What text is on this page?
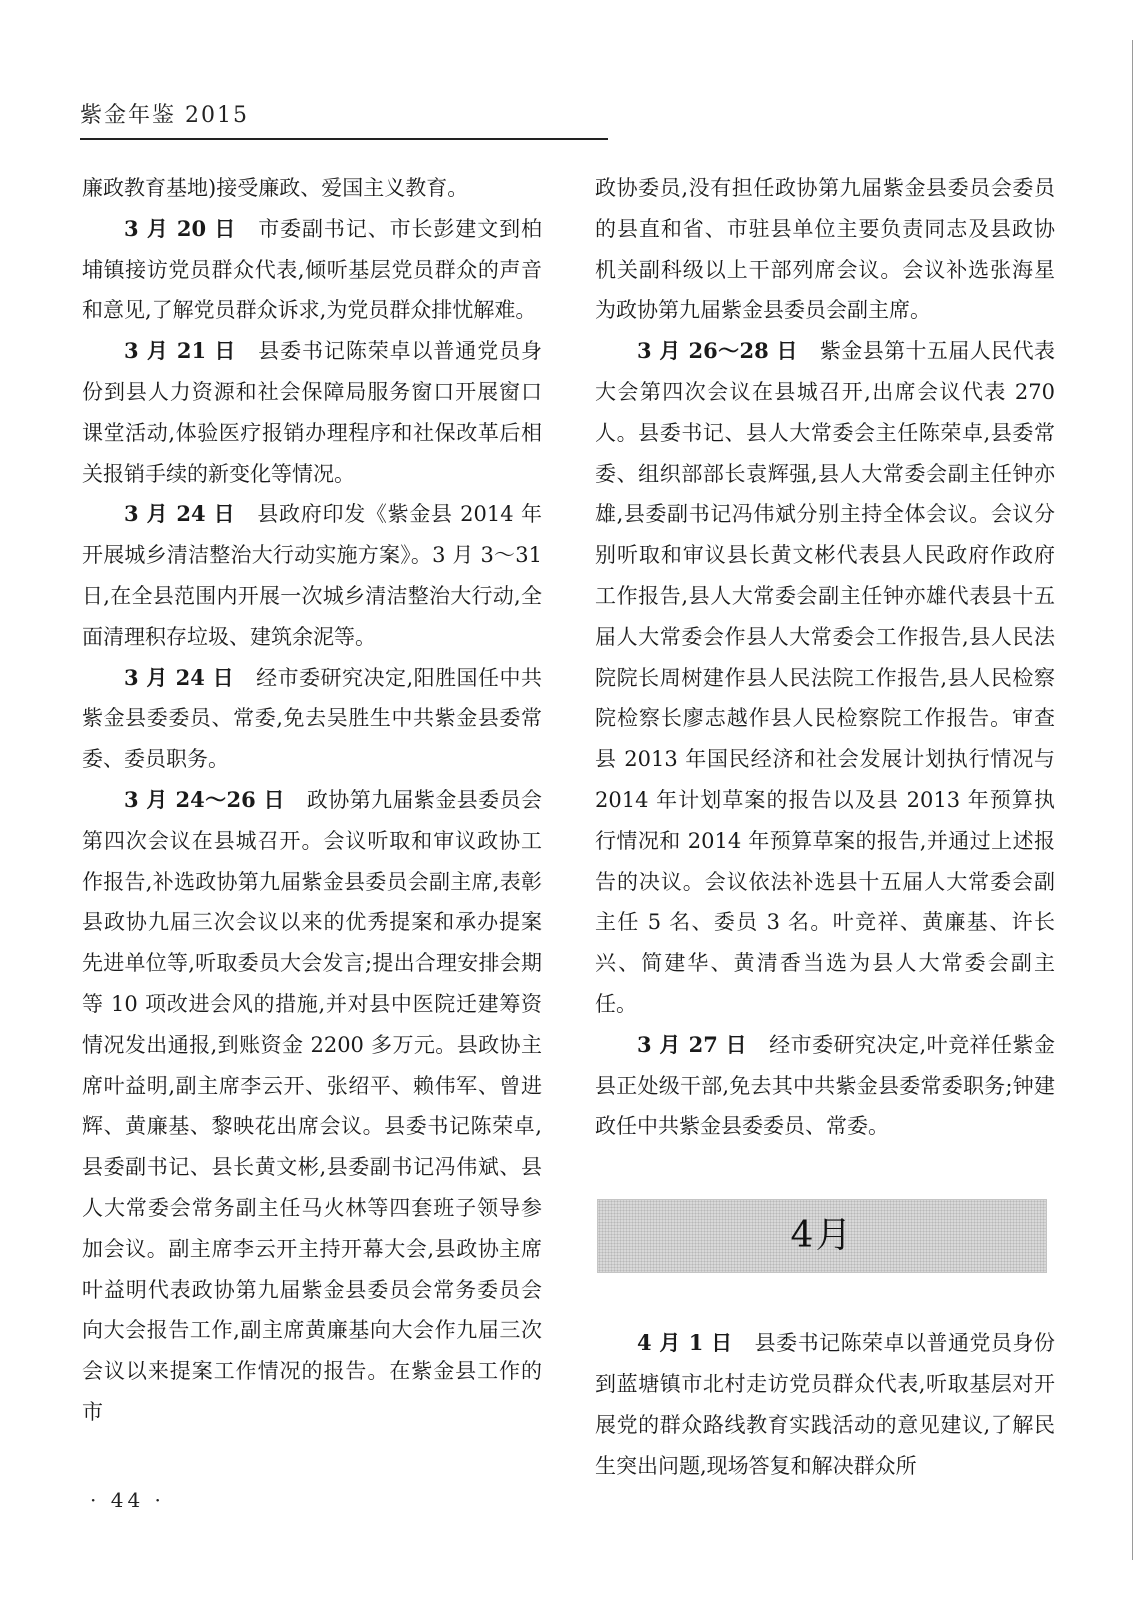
紫金年鉴 2015

廉政教育基地)接受廉政、爱国主义教育。

3 月 20 日 市委副书记、市长彭建文到柏埔镇接访党员群众代表,倾听基层党员群众的声音和意见,了解党员群众诉求,为党员群众排忧解难。

3 月 21 日 县委书记陈荣卓以普通党员身份到县人力资源和社会保障局服务窗口开展窗口课堂活动,体验医疗报销办理程序和社保改革后相关报销手续的新变化等情况。

3 月 24 日 县政府印发《紫金县 2014 年开展城乡清洁整治大行动实施方案》。3 月 3～31 日,在全县范围内开展一次城乡清洁整治大行动,全面清理积存垃圾、建筑余泥等。

3 月 24 日 经市委研究决定,阳胜国任中共紫金县委委员、常委,免去吴胜生中共紫金县委常委、委员职务。

3 月 24～26 日 政协第九届紫金县委员会第四次会议在县城召开。会议听取和审议政协工作报告,补选政协第九届紫金县委员会副主席,表彰县政协九届三次会议以来的优秀提案和承办提案先进单位等,听取委员大会发言;提出合理安排会期等 10 项改进会风的措施,并对县中医院迁建筹资情况发出通报,到账资金 2200 多万元。县政协主席叶益明,副主席李云开、张绍平、赖伟军、曾进辉、黄廉基、黎映花出席会议。县委书记陈荣卓,县委副书记、县长黄文彬,县委副书记冯伟斌、县人大常委会常务副主任马火林等四套班子领导参加会议。副主席李云开主持开幕大会,县政协主席叶益明代表政协第九届紫金县委员会常务委员会向大会报告工作,副主席黄廉基向大会作九届三次会议以来提案工作情况的报告。在紫金县工作的市

政协委员,没有担任政协第九届紫金县委员会委员的县直和省、市驻县单位主要负责同志及县政协机关副科级以上干部列席会议。会议补选张海星为政协第九届紫金县委员会副主席。

3 月 26～28 日 紫金县第十五届人民代表大会第四次会议在县城召开,出席会议代表 270 人。县委书记、县人大常委会主任陈荣卓,县委常委、组织部部长袁辉强,县人大常委会副主任钟亦雄,县委副书记冯伟斌分别主持全体会议。会议分别听取和审议县长黄文彬代表县人民政府作政府工作报告,县人大常委会副主任钟亦雄代表县十五届人大常委会作县人大常委会工作报告,县人民法院院长周树建作县人民法院工作报告,县人民检察院检察长廖志越作县人民检察院工作报告。审查县 2013 年国民经济和社会发展计划执行情况与 2014 年计划草案的报告以及县 2013 年预算执行情况和 2014 年预算草案的报告,并通过上述报告的决议。会议依法补选县十五届人大常委会副主任 5 名、委员 3 名。叶竞祥、黄廉基、许长兴、简建华、黄清香当选为县人大常委会副主任。

3 月 27 日 经市委研究决定,叶竞祥任紫金县正处级干部,免去其中共紫金县委常委职务;钟建政任中共紫金县委委员、常委。

4月

4 月 1 日 县委书记陈荣卓以普通党员身份到蓝塘镇市北村走访党员群众代表,听取基层对开展党的群众路线教育实践活动的意见建议,了解民生突出问题,现场答复和解决群众所

· 44 ·
